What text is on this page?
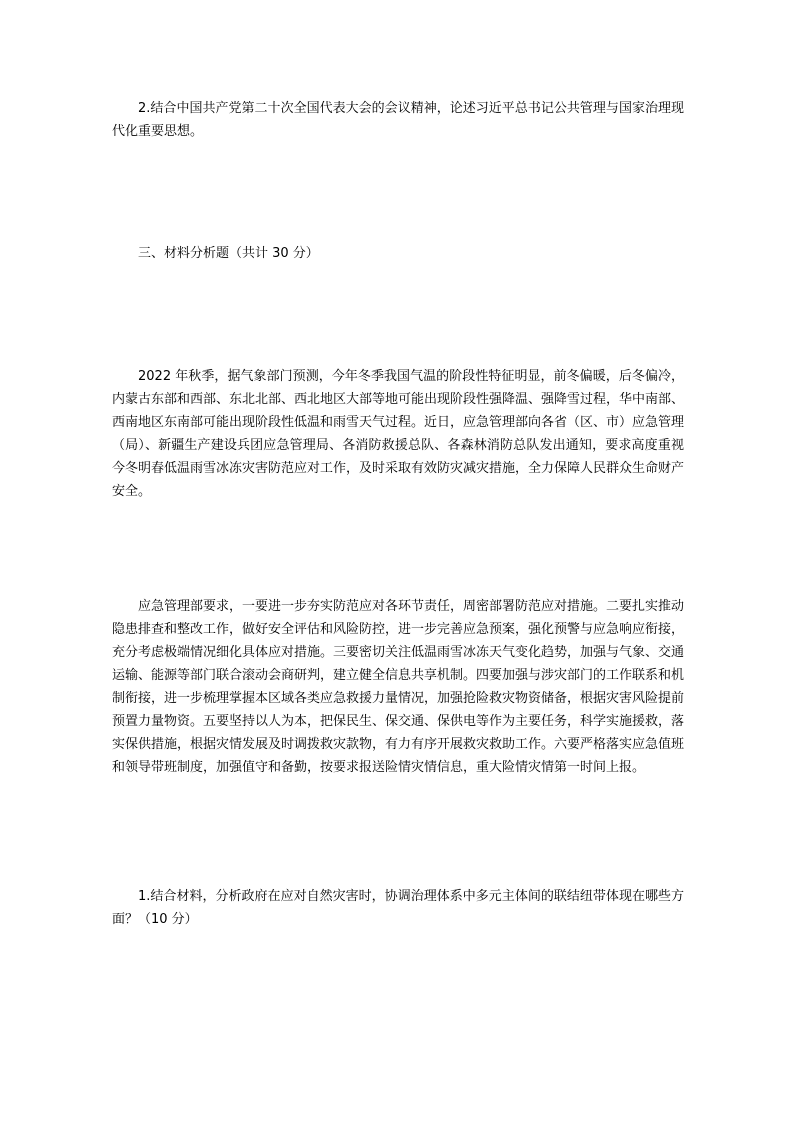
2.结合中国共产党第二十次全国代表大会的会议精神，论述习近平总书记公共管理与国家治理现代化重要思想。

三、材料分析题（共计 30 分）

2022 年秋季，据气象部门预测，今年冬季我国气温的阶段性特征明显，前冬偏暖，后冬偏冷，内蒙古东部和西部、东北北部、西北地区大部等地可能出现阶段性强降温、强降雪过程，华中南部、西南地区东南部可能出现阶段性低温和雨雪天气过程。近日，应急管理部向各省（区、市）应急管理（局）、新疆生产建设兵团应急管理局、各消防救援总队、各森林消防总队发出通知，要求高度重视今冬明春低温雨雪冰冻灾害防范应对工作，及时采取有效防灾减灾措施，全力保障人民群众生命财产安全。

应急管理部要求，一要进一步夯实防范应对各环节责任，周密部署防范应对措施。二要扎实推动隐患排查和整改工作，做好安全评估和风险防控，进一步完善应急预案，强化预警与应急响应衔接，充分考虑极端情况细化具体应对措施。三要密切关注低温雨雪冰冻天气变化趋势，加强与气象、交通运输、能源等部门联合滚动会商研判，建立健全信息共享机制。四要加强与涉灾部门的工作联系和机制衔接，进一步梳理掌握本区域各类应急救援力量情况，加强抢险救灾物资储备，根据灾害风险提前预置力量物资。五要坚持以人为本，把保民生、保交通、保供电等作为主要任务，科学实施援救，落实保供措施，根据灾情发展及时调拨救灾款物，有力有序开展救灾救助工作。六要严格落实应急值班和领导带班制度，加强值守和备勤，按要求报送险情灾情信息，重大险情灾情第一时间上报。

1.结合材料，分析政府在应对自然灾害时，协调治理体系中多元主体间的联结纽带体现在哪些方面？（10 分）
